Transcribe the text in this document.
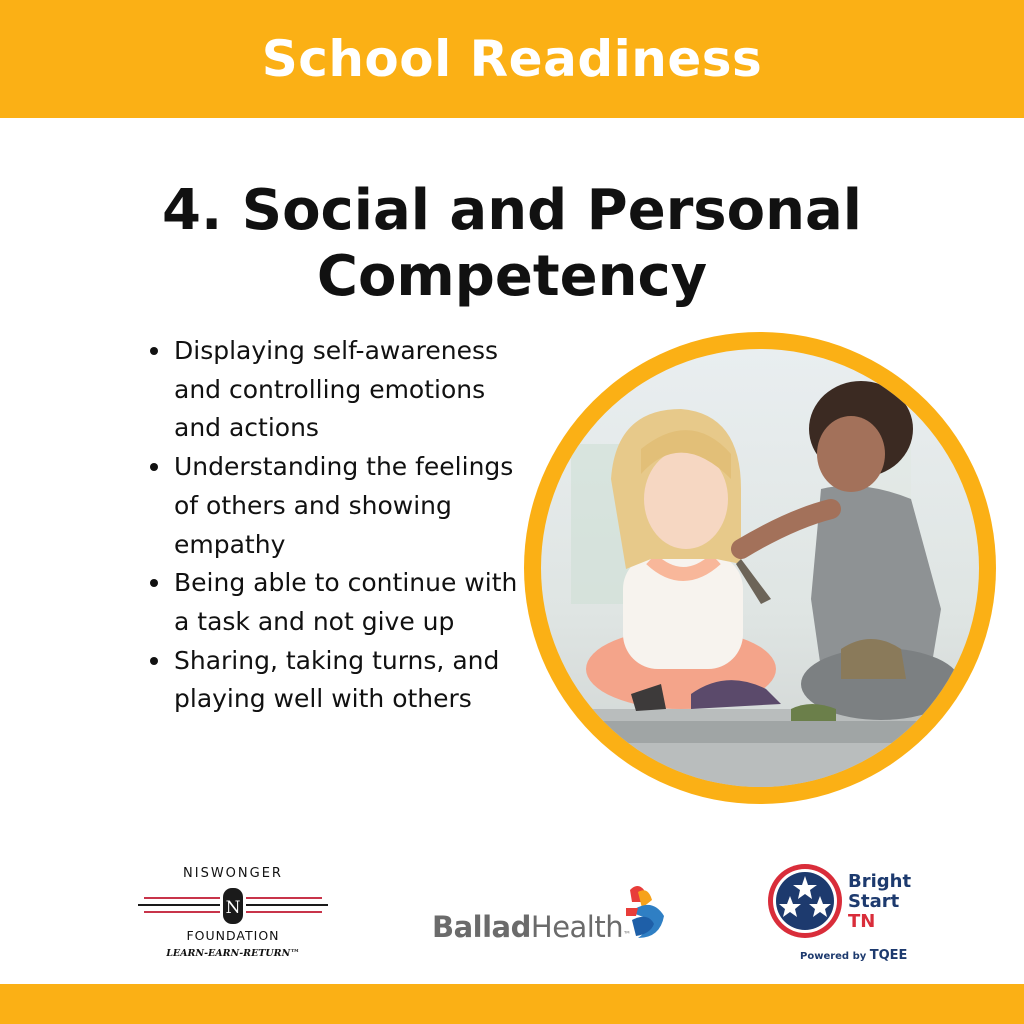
School Readiness
4. Social and Personal
Competency
Displaying self-awareness and controlling emotions and actions
Understanding the feelings of others and showing empathy
Being able to continue with a task and not give up
Sharing, taking turns, and playing well with others
NISWONGER
N
FOUNDATION
LEARN-EARN-RETURN™
BalladHealth™
Bright
Start
TN
Powered by TQEE
